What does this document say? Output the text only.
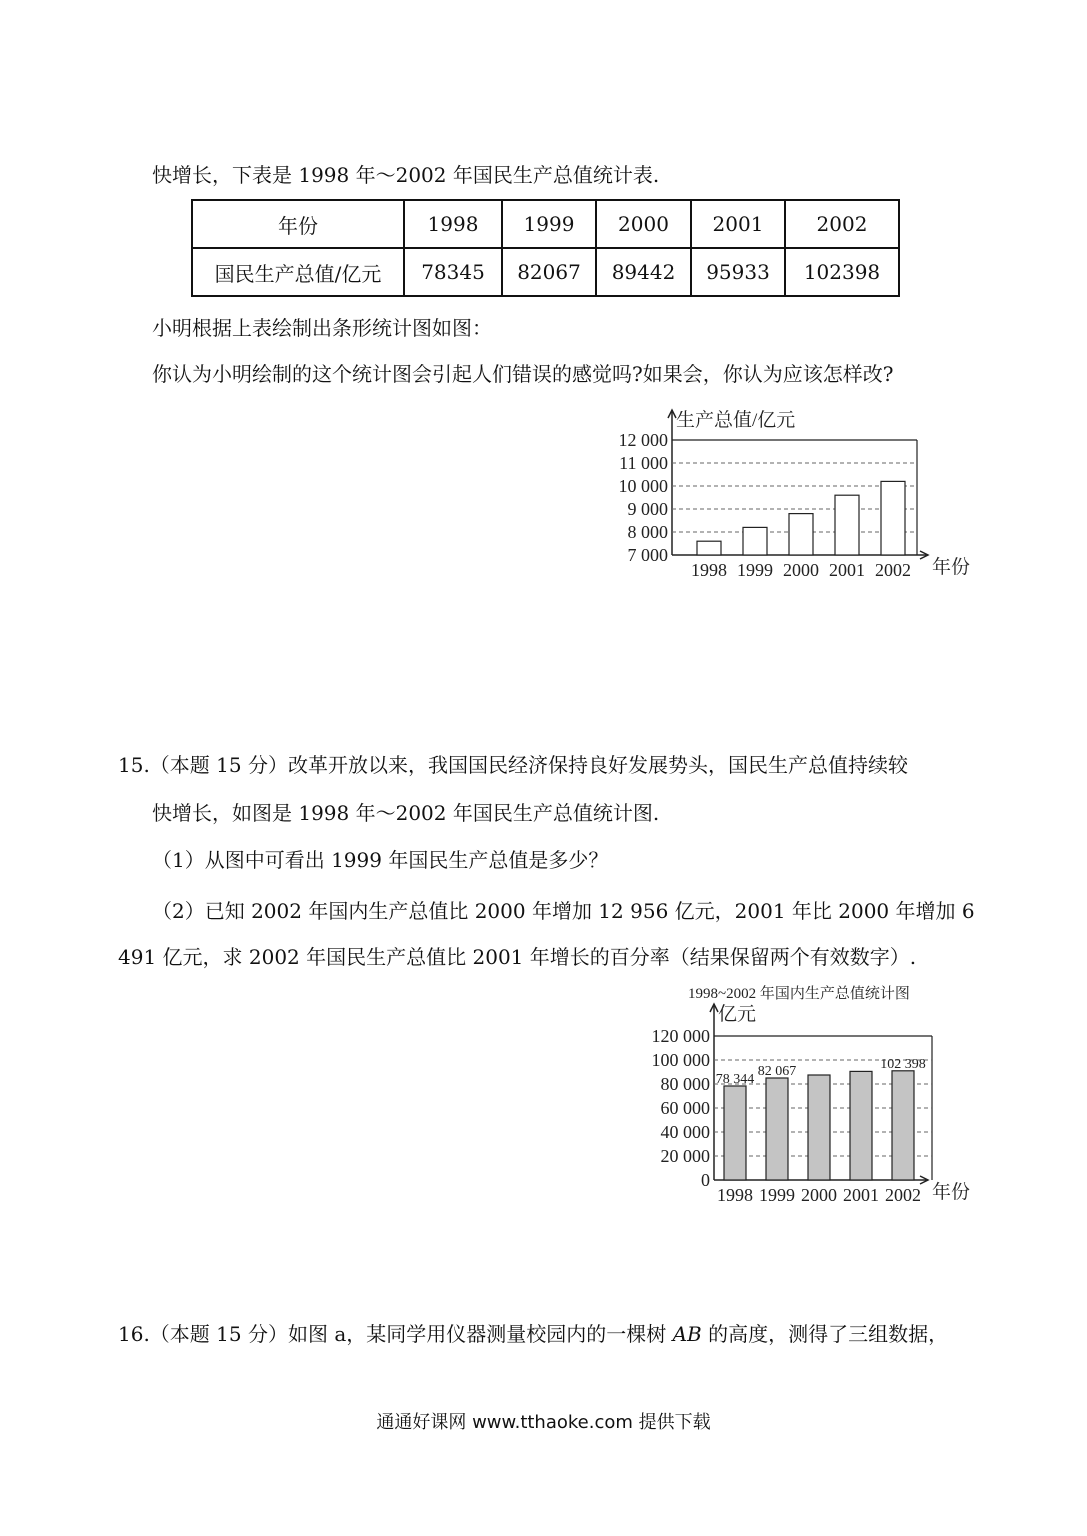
快增长，下表是 1998 年～2002 年国民生产总值统计表.
年份	1998	1999	2000	2001	2002
国民生产总值/亿元	78345	82067	89442	95933	102398
小明根据上表绘制出条形统计图如图：
你认为小明绘制的这个统计图会引起人们错误的感觉吗?如果会，你认为应该怎样改?
生产总值/亿元
年份
12 000
11 000
10 000
9 000
8 000
7 000
1998 1999 2000 2001 2002
15.（本题 15 分）改革开放以来，我国国民经济保持良好发展势头，国民生产总值持续较
快增长，如图是 1998 年～2002 年国民生产总值统计图.
（1）从图中可看出 1999 年国民生产总值是多少？
（2）已知 2002 年国内生产总值比 2000 年增加 12 956 亿元，2001 年比 2000 年增加 6
491 亿元，求 2002 年国民生产总值比 2001 年增长的百分率（结果保留两个有效数字）.
1998~2002 年国内生产总值统计图
亿元
年份
120 000
100 000
80 000
60 000
40 000
20 000
0
1998
78 344
1999
82 067
2000 2001 2002
102 398
16.（本题 15 分）如图 a，某同学用仪器测量校园内的一棵树 AB 的高度，测得了三组数据，
通通好课网 www.tthaoke.com 提供下载
